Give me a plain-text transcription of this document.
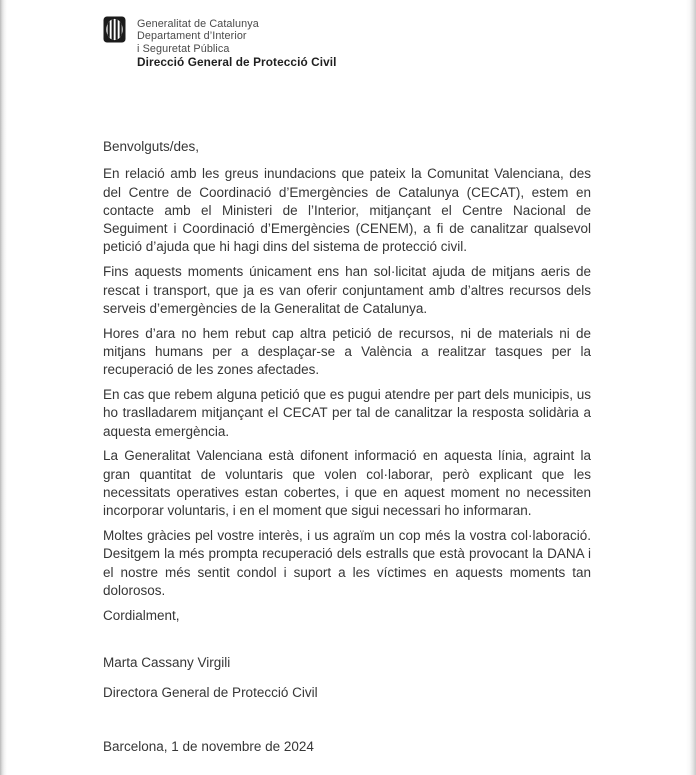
Generalitat de Catalunya
Departament d’Interior
i Seguretat Pública
Direcció General de Protecció Civil

Benvolguts/des,

En relació amb les greus inundacions que pateix la Comunitat Valenciana, des del Centre de Coordinació d’Emergències de Catalunya (CECAT), estem en contacte amb el Ministeri de l’Interior, mitjançant el Centre Nacional de Seguiment i Coordinació d’Emergències (CENEM), a fi de canalitzar qualsevol petició d’ajuda que hi hagi dins del sistema de protecció civil.

Fins aquests moments únicament ens han sol·licitat ajuda de mitjans aeris de rescat i transport, que ja es van oferir conjuntament amb d’altres recursos dels serveis d’emergències de la Generalitat de Catalunya.

Hores d’ara no hem rebut cap altra petició de recursos, ni de materials ni de mitjans humans per a desplaçar-se a València a realitzar tasques per la recuperació de les zones afectades.

En cas que rebem alguna petició que es pugui atendre per part dels municipis, us ho traslladarem mitjançant el CECAT per tal de canalitzar la resposta solidària a aquesta emergència.

La Generalitat Valenciana està difonent informació en aquesta línia, agraint la gran quantitat de voluntaris que volen col·laborar, però explicant que les necessitats operatives estan cobertes, i que en aquest moment no necessiten incorporar voluntaris, i en el moment que sigui necessari ho informaran.

Moltes gràcies pel vostre interès, i us agraïm un cop més la vostra col·laboració. Desitgem la més prompta recuperació dels estralls que està provocant la DANA i el nostre més sentit condol i suport a les víctimes en aquests moments tan dolorosos.

Cordialment,

Marta Cassany Virgili

Directora General de Protecció Civil

Barcelona, 1 de novembre de 2024
